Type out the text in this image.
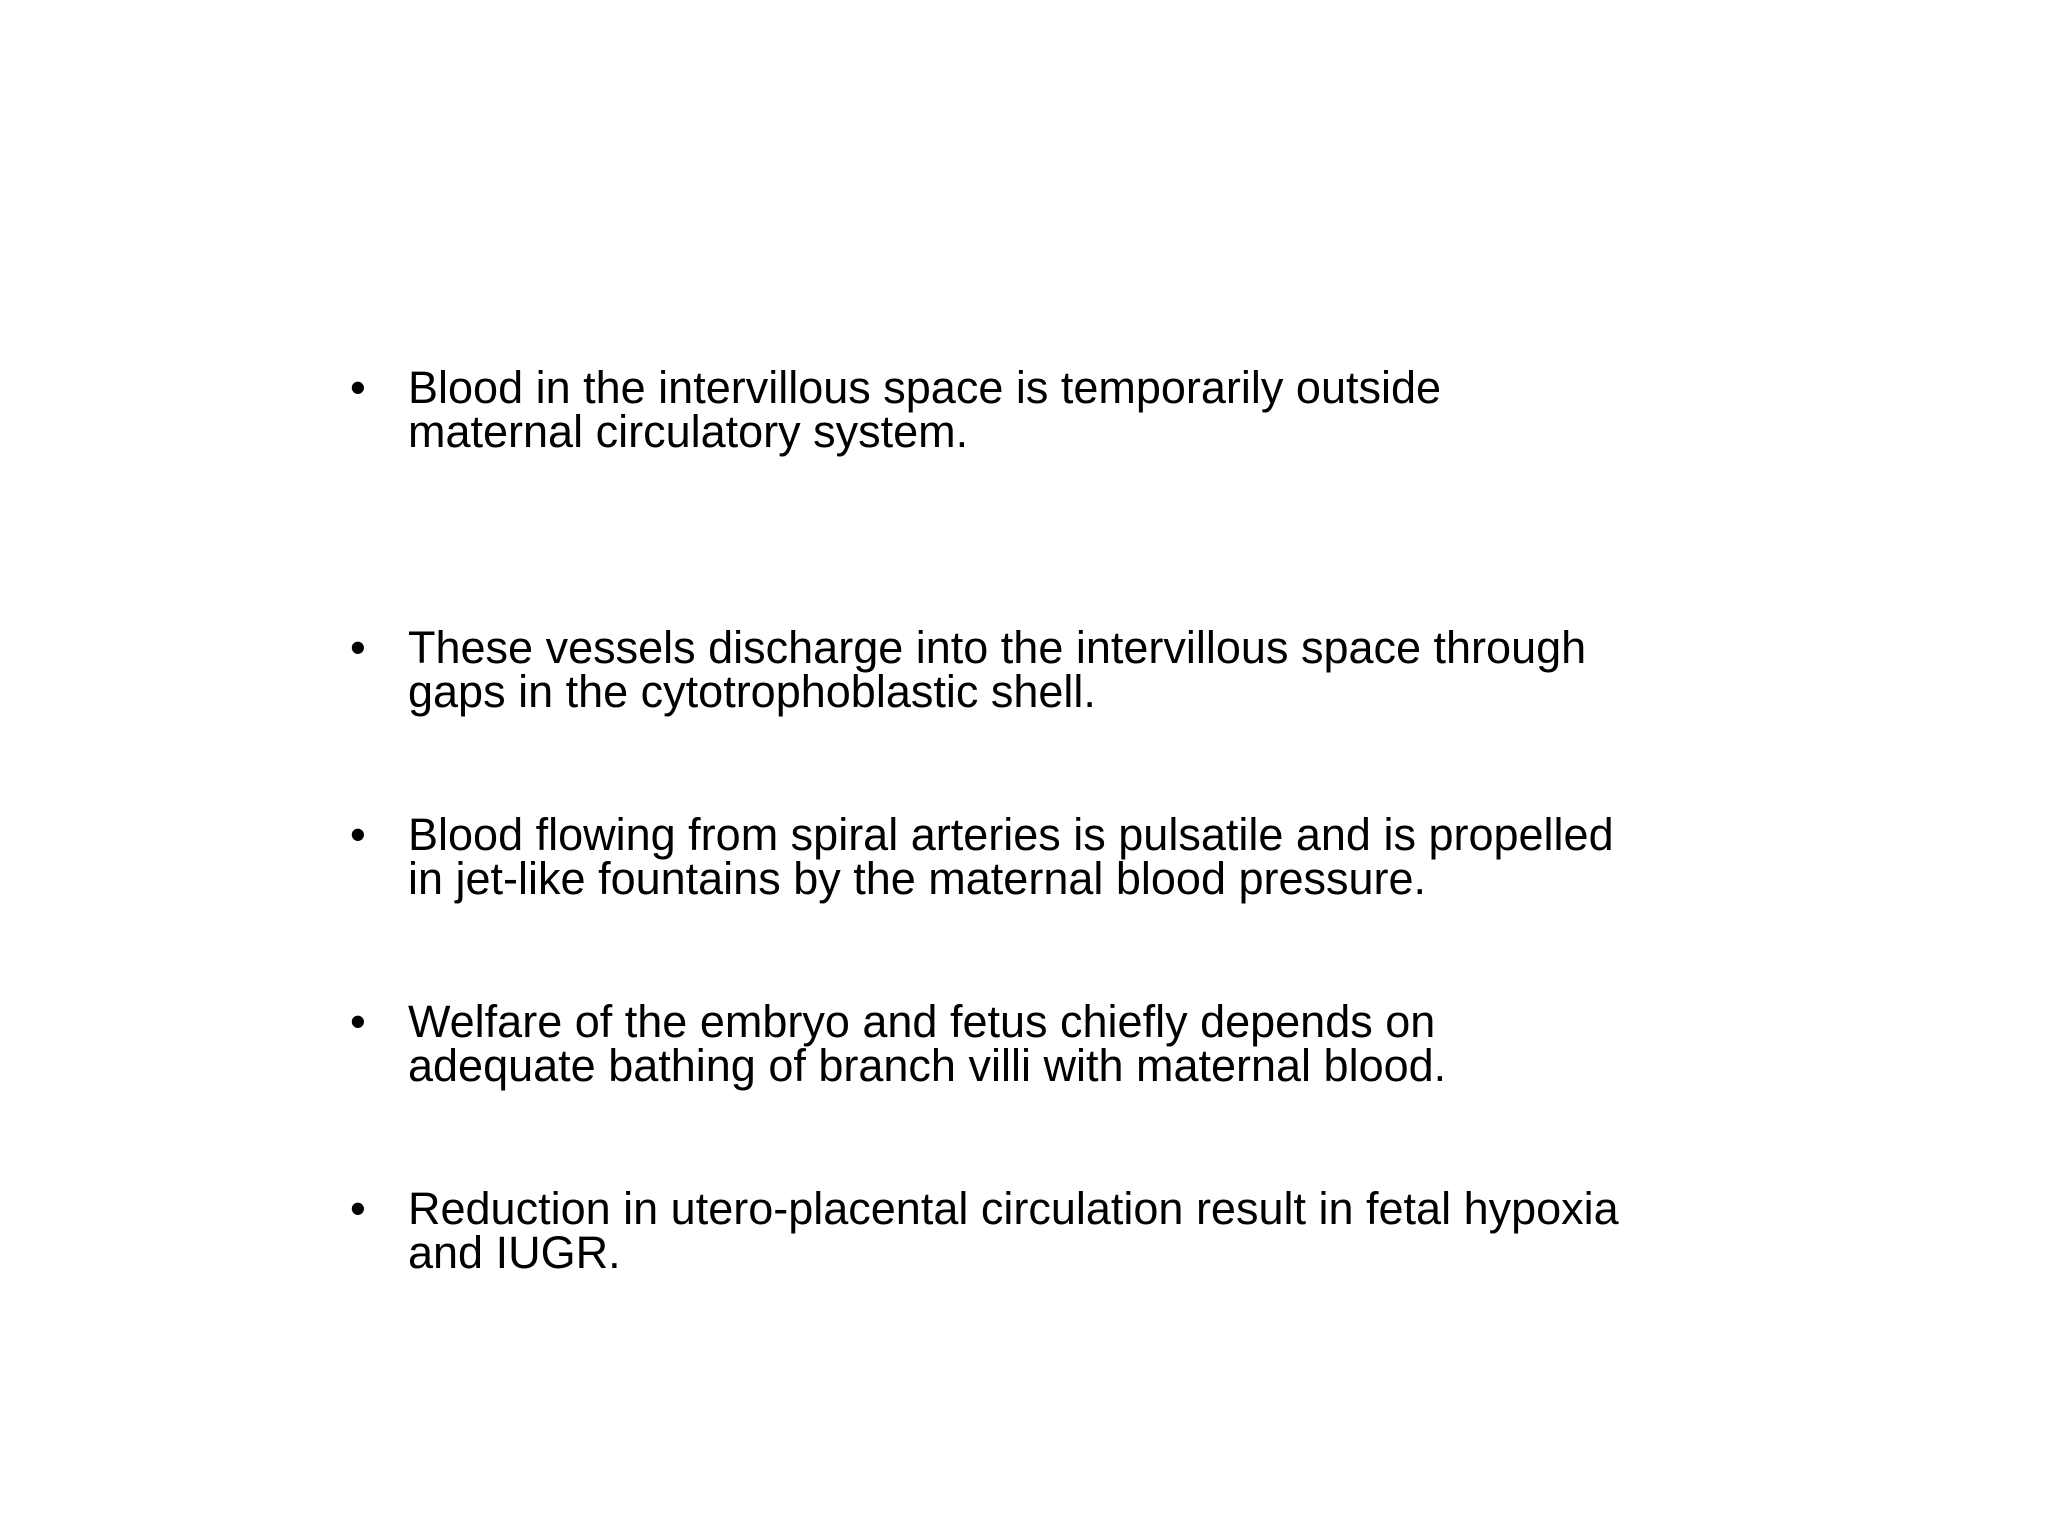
• Blood in the intervillous space is temporarily outside
maternal circulatory system.
• These vessels discharge into the intervillous space through
gaps in the cytotrophoblastic shell.
• Blood flowing from spiral arteries is pulsatile and is propelled
in jet-like fountains by the maternal blood pressure.
• Welfare of the embryo and fetus chiefly depends on
adequate bathing of branch villi with maternal blood.
• Reduction in utero-placental circulation result in fetal hypoxia
and IUGR.
